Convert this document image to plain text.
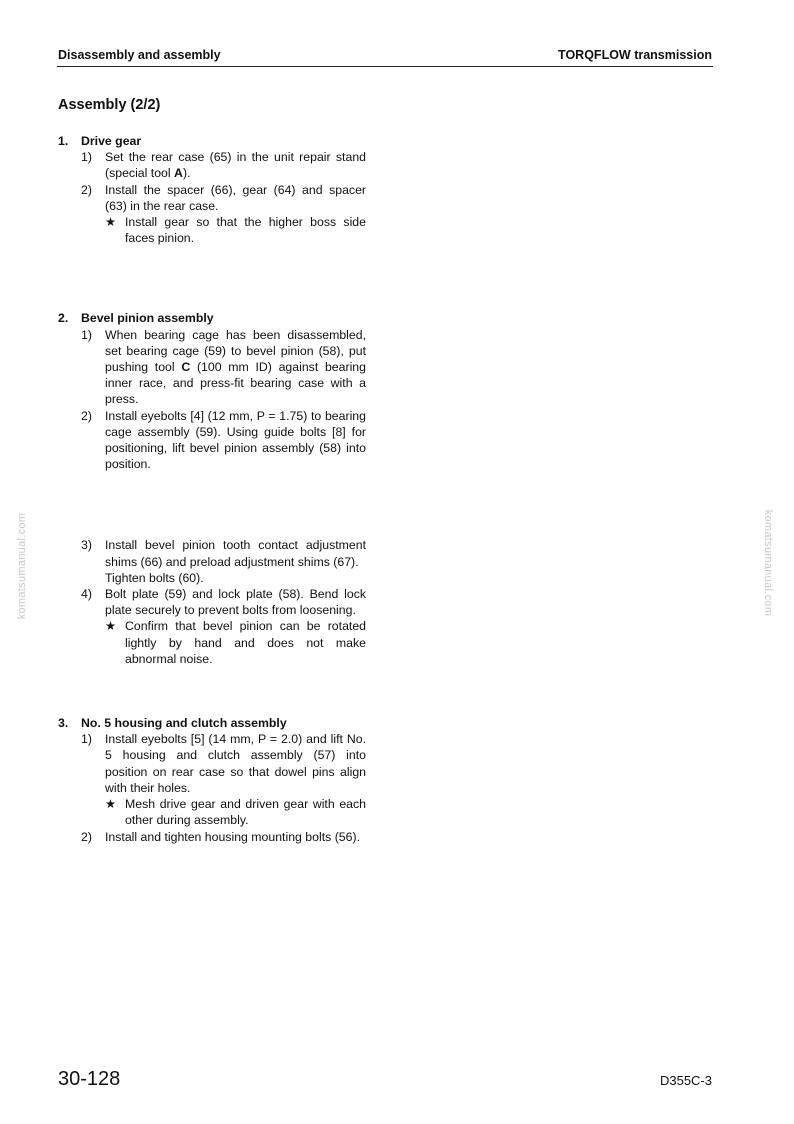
Disassembly and assembly	TORQFLOW transmission
Assembly (2/2)
1. Drive gear
1) Set the rear case (65) in the unit repair stand (special tool A).
2) Install the spacer (66), gear (64) and spacer (63) in the rear case.
★ Install gear so that the higher boss side faces pinion.
2. Bevel pinion assembly
1) When bearing cage has been disassembled, set bearing cage (59) to bevel pinion (58), put pushing tool C (100 mm ID) against bearing inner race, and press-fit bearing case with a press.
2) Install eyebolts [4] (12 mm, P = 1.75) to bearing cage assembly (59). Using guide bolts [8] for positioning, lift bevel pinion assembly (58) into position.
3) Install bevel pinion tooth contact adjustment shims (66) and preload adjustment shims (67).
Tighten bolts (60).
4) Bolt plate (59) and lock plate (58). Bend lock plate securely to prevent bolts from loosening.
★ Confirm that bevel pinion can be rotated lightly by hand and does not make abnormal noise.
3. No. 5 housing and clutch assembly
1) Install eyebolts [5] (14 mm, P = 2.0) and lift No. 5 housing and clutch assembly (57) into position on rear case so that dowel pins align with their holes.
★ Mesh drive gear and driven gear with each other during assembly.
2) Install and tighten housing mounting bolts (56).
komatsumanual.com	komatsumanual.com
30-128	D355C-3
